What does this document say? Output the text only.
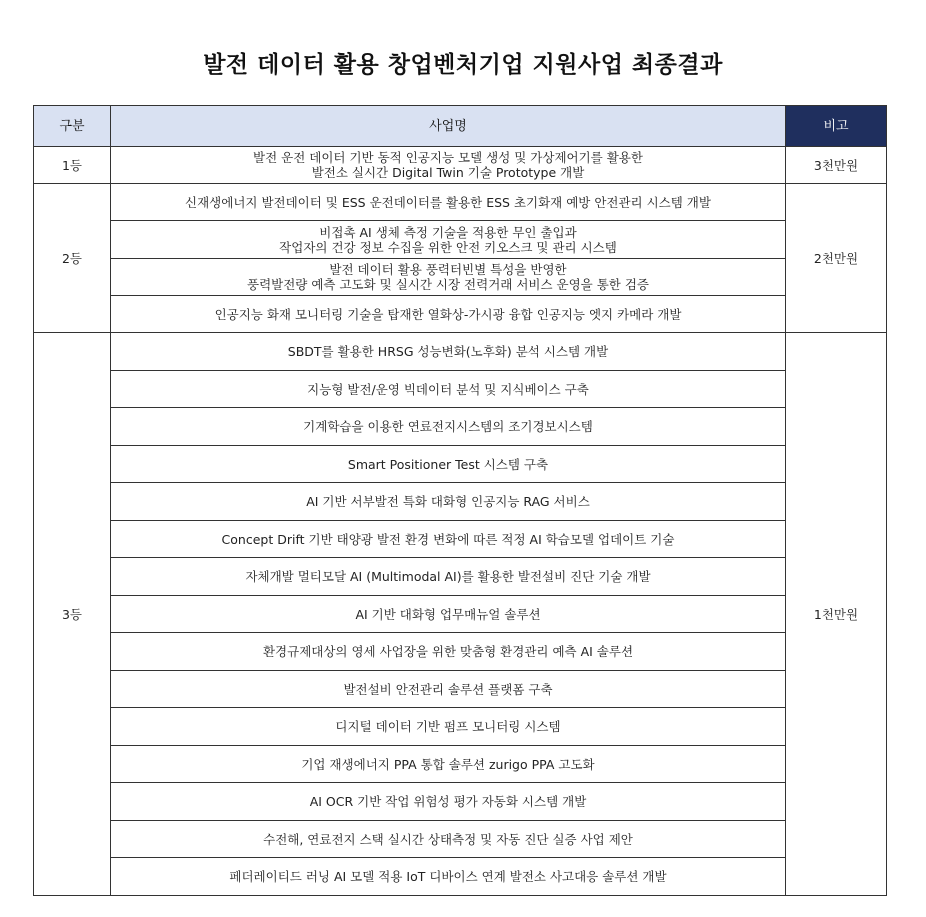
발전 데이터 활용 창업벤처기업 지원사업 최종결과
구분	사업명	비고
1등	발전 운전 데이터 기반 동적 인공지능 모델 생성 및 가상제어기를 활용한
발전소 실시간 Digital Twin 기술 Prototype 개발	3천만원
2등	신재생에너지 발전데이터 및 ESS 운전데이터를 활용한 ESS 초기화재 예방 안전관리 시스템 개발	2천만원

	비접촉 AI 생체 측정 기술을 적용한 무인 출입과
작업자의 건강 정보 수집을 위한 안전 키오스크 및 관리 시스템	

	발전 데이터 활용 풍력터빈별 특성을 반영한
풍력발전량 예측 고도화 및 실시간 시장 전력거래 서비스 운영을 통한 검증	

	인공지능 화재 모니터링 기술을 탑재한 열화상-가시광 융합 인공지능 엣지 카메라 개발	

3등	SBDT를 활용한 HRSG 성능변화(노후화) 분석 시스템 개발	1천만원

	지능형 발전/운영 빅데이터 분석 및 지식베이스 구축	

	기계학습을 이용한 연료전지시스템의 조기경보시스템	

	Smart Positioner Test 시스템 구축	

	AI 기반 서부발전 특화 대화형 인공지능 RAG 서비스	

	Concept Drift 기반 태양광 발전 환경 변화에 따른 적정 AI 학습모델 업데이트 기술	

	자체개발 멀티모달 AI (Multimodal AI)를 활용한 발전설비 진단 기술 개발	

	AI 기반 대화형 업무매뉴얼 솔루션	

	환경규제대상의 영세 사업장을 위한 맞춤형 환경관리 예측 AI 솔루션	

	발전설비 안전관리 솔루션 플랫폼 구축	

	디지털 데이터 기반 펌프 모니터링 시스템	

	기업 재생에너지 PPA 통합 솔루션 zurigo PPA 고도화	

	AI OCR 기반 작업 위험성 평가 자동화 시스템 개발	

	수전해, 연료전지 스택 실시간 상태측정 및 자동 진단 실증 사업 제안	

	페더레이티드 러닝 AI 모델 적용 IoT 디바이스 연계 발전소 사고대응 솔루션 개발	
